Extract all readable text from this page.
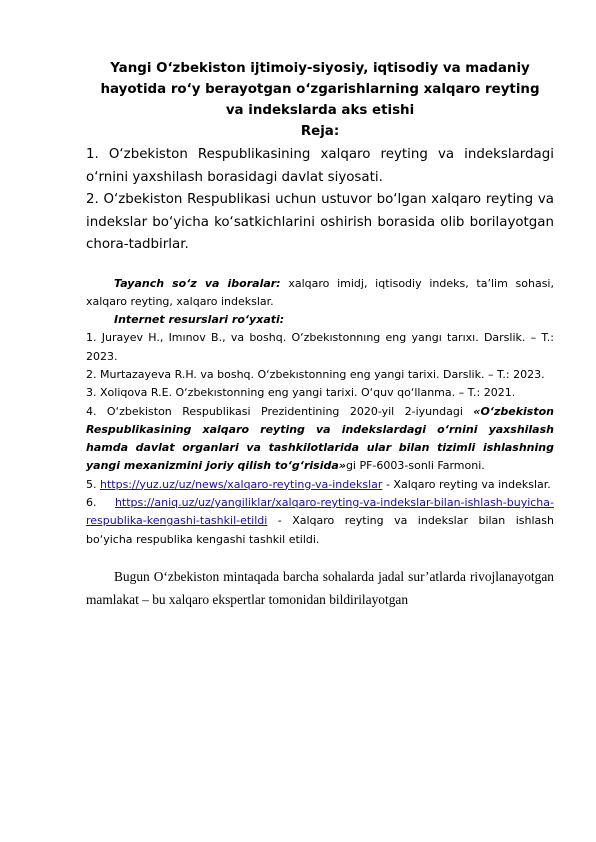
Yangi O‘zbekiston ijtimoiy-siyosiy, iqtisodiy va madaniy

hayotida ro‘y berayotgan o‘zgarishlarning xalqaro reyting

va indekslarda aks etishi

Reja:

1. O‘zbekiston Respublikasining xalqaro reyting va indekslardagi o‘rnini yaxshilash borasidagi davlat siyosati.

2. O‘zbekiston Respublikasi uchun ustuvor bo‘lgan xalqaro reyting va indekslar bo‘yicha ko‘satkichlarini oshirish borasida olib borilayotgan chora-tadbirlar.

Tayanch so‘z va iboralar: xalqaro imidj, iqtisodiy indeks, ta’lim sohasi, xalqaro reyting, xalqaro indekslar.

Internet resurslari ro‘yxati:

1. Jurayev H., Imınov B., va boshq. O‘zbekıstonnıng eng yangı tarıxı. Darslik. – T.: 2023.

2. Murtazayeva R.H. va boshq. O‘zbekıstonning eng yangi tarixi. Darslik. – T.: 2023.

3. Xoliqova R.E. O‘zbekıstonning eng yangi tarixi. O‘quv qo‘llanma. – T.: 2021.

4. O‘zbekiston Respublikasi Prezidentining 2020-yil 2-iyundagi «O‘zbekiston Respublikasining xalqaro reyting va indekslardagi o‘rnini yaxshilash hamda davlat organlari va tashkilotlarida ular bilan tizimli ishlashning yangi mexanizmini joriy qilish to‘g‘risida»gi PF-6003-sonli Farmoni.

5. https://yuz.uz/uz/news/xalqaro-reyting-va-indekslar - Xalqaro reyting va indekslar.

6. https://aniq.uz/uz/yangiliklar/xalqaro-reyting-va-indekslar-bilan-ishlash-buyicha-respublika-kengashi-tashkil-etildi - Xalqaro reyting va indekslar bilan ishlash bo‘yicha respublika kengashi tashkil etildi.

Bugun O‘zbekiston mintaqada barcha sohalarda jadal sur’atlarda rivojlanayotgan mamlakat – bu xalqaro ekspertlar tomonidan bildirilayotgan
